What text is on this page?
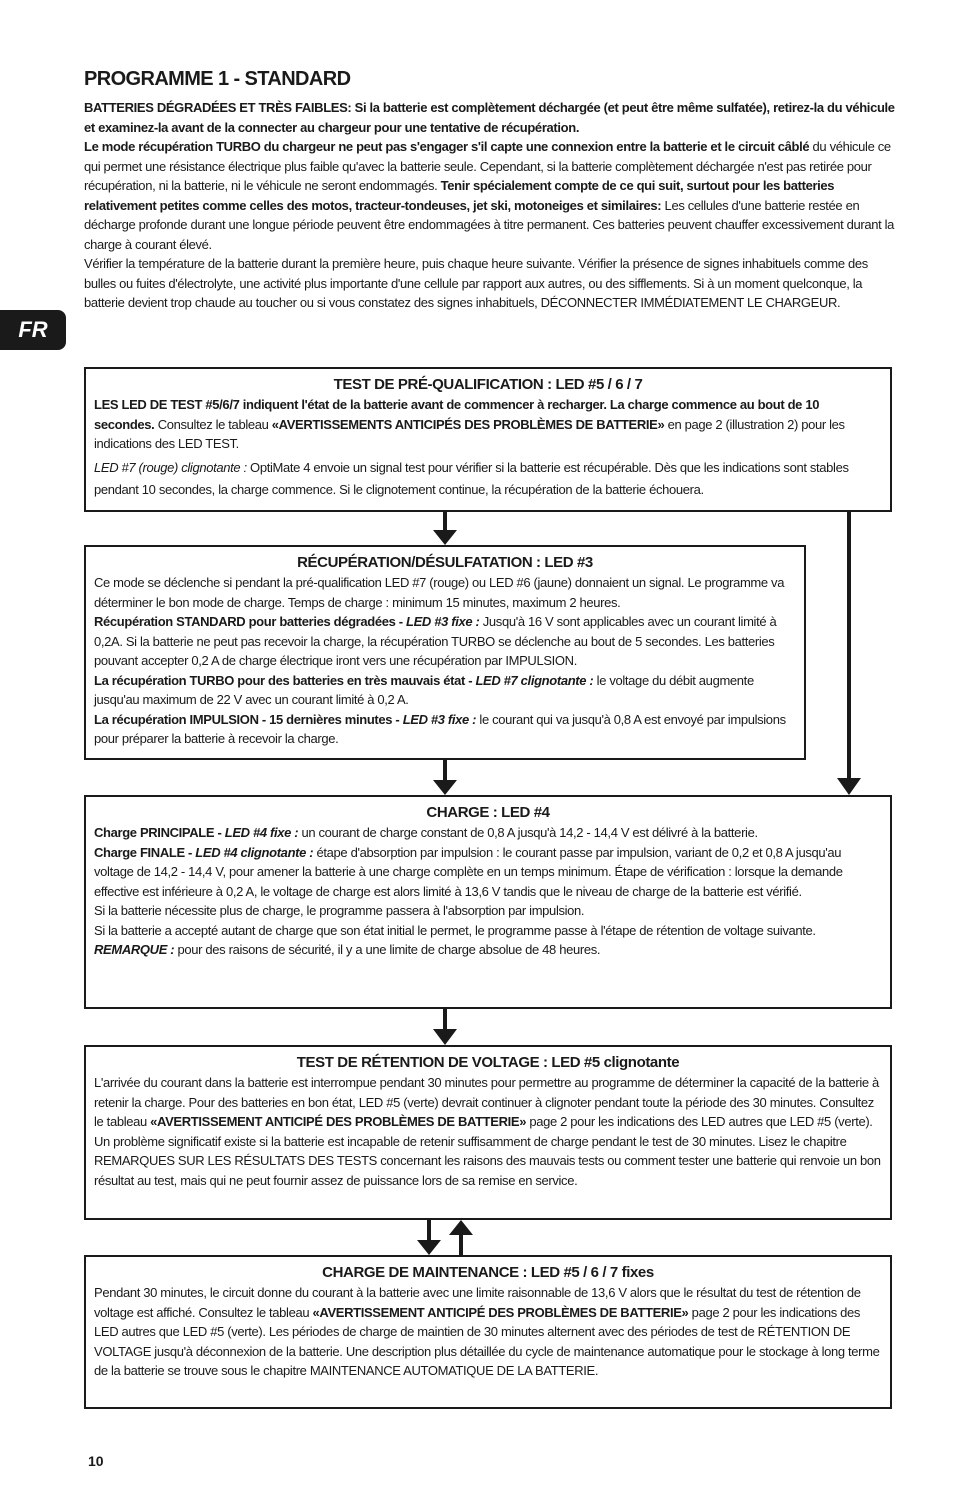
PROGRAMME 1 - STANDARD

BATTERIES DÉGRADÉES ET TRÈS FAIBLES: Si la batterie est complètement déchargée (et peut être même sulfatée), retirez-la du véhicule et examinez-la avant de la connecter au chargeur pour une tentative de récupération.

Le mode récupération TURBO du chargeur ne peut pas s'engager s'il capte une connexion entre la batterie et le circuit câblé du véhicule ce qui permet une résistance électrique plus faible qu'avec la batterie seule. Cependant, si la batterie complètement déchargée n'est pas retirée pour récupération, ni la batterie, ni le véhicule ne seront endommagés. Tenir spécialement compte de ce qui suit, surtout pour les batteries relativement petites comme celles des motos, tracteur-tondeuses, jet ski, motoneiges et similaires: Les cellules d'une batterie restée en décharge profonde durant une longue période peuvent être endommagées à titre permanent. Ces batteries peuvent chauffer excessivement durant la charge à courant élevé.

Vérifier la température de la batterie durant la première heure, puis chaque heure suivante. Vérifier la présence de signes inhabituels comme des bulles ou fuites d'électrolyte, une activité plus importante d'une cellule par rapport aux autres, ou des sifflements. Si à un moment quelconque, la batterie devient trop chaude au toucher ou si vous constatez des signes inhabituels, DÉCONNECTER IMMÉDIATEMENT LE CHARGEUR.

FR
TEST DE PRÉ-QUALIFICATION : LED #5 / 6 / 7

LES LED DE TEST #5/6/7 indiquent l'état de la batterie avant de commencer à recharger. La charge commence au bout de 10 secondes. Consultez le tableau «AVERTISSEMENTS ANTICIPÉS DES PROBLÈMES DE BATTERIE» en page 2 (illustration 2) pour les indications des LED TEST.

LED #7 (rouge) clignotante : OptiMate 4 envoie un signal test pour vérifier si la batterie est récupérable. Dès que les indications sont stables pendant 10 secondes, la charge commence. Si le clignotement continue, la récupération de la batterie échouera.

RÉCUPÉRATION/DÉSULFATATION : LED #3

Ce mode se déclenche si pendant la pré-qualification LED #7 (rouge) ou LED #6 (jaune) donnaient un signal. Le programme va déterminer le bon mode de charge. Temps de charge : minimum 15 minutes, maximum 2 heures.

Récupération STANDARD pour batteries dégradées - LED #3 fixe : Jusqu'à 16 V sont applicables avec un courant limité à 0,2A. Si la batterie ne peut pas recevoir la charge, la récupération TURBO se déclenche au bout de 5 secondes. Les batteries pouvant accepter 0,2 A de charge électrique iront vers une récupération par IMPULSION.

La récupération TURBO pour des batteries en très mauvais état - LED #7 clignotante : le voltage du débit augmente jusqu'au maximum de 22 V avec un courant limité à 0,2 A.

La récupération IMPULSION - 15 dernières minutes - LED #3 fixe : le courant qui va jusqu'à 0,8 A est envoyé par impulsions pour préparer la batterie à recevoir la charge.

CHARGE : LED #4

Charge PRINCIPALE - LED #4 fixe : un courant de charge constant de 0,8 A jusqu'à 14,2 - 14,4 V est délivré à la batterie.

Charge FINALE - LED #4 clignotante : étape d'absorption par impulsion : le courant passe par impulsion, variant de 0,2 et 0,8 A jusqu'au voltage de 14,2 - 14,4 V, pour amener la batterie à une charge complète en un temps minimum. Étape de vérification : lorsque la demande effective est inférieure à 0,2 A, le voltage de charge est alors limité à 13,6 V tandis que le niveau de charge de la batterie est vérifié.

Si la batterie nécessite plus de charge, le programme passera à l'absorption par impulsion.

Si la batterie a accepté autant de charge que son état initial le permet, le programme passe à l'étape de rétention de voltage suivante.

REMARQUE : pour des raisons de sécurité, il y a une limite de charge absolue de 48 heures.

TEST DE RÉTENTION DE VOLTAGE : LED #5 clignotante

L'arrivée du courant dans la batterie est interrompue pendant 30 minutes pour permettre au programme de déterminer la capacité de la batterie à retenir la charge. Pour des batteries en bon état, LED #5 (verte) devrait continuer à clignoter pendant toute la période des 30 minutes. Consultez le tableau «AVERTISSEMENT ANTICIPÉ DES PROBLÈMES DE BATTERIE» page 2 pour les indications des LED autres que LED #5 (verte). Un problème significatif existe si la batterie est incapable de retenir suffisamment de charge pendant le test de 30 minutes. Lisez le chapitre REMARQUES SUR LES RÉSULTATS DES TESTS concernant les raisons des mauvais tests ou comment tester une batterie qui renvoie un bon résultat au test, mais qui ne peut fournir assez de puissance lors de sa remise en service.

CHARGE DE MAINTENANCE : LED #5 / 6 / 7 fixes

Pendant 30 minutes, le circuit donne du courant à la batterie avec une limite raisonnable de 13,6 V alors que le résultat du test de rétention de voltage est affiché. Consultez le tableau «AVERTISSEMENT ANTICIPÉ DES PROBLÈMES DE BATTERIE» page 2 pour les indications des LED autres que LED #5 (verte). Les périodes de charge de maintien de 30 minutes alternent avec des périodes de test de RÉTENTION DE VOLTAGE jusqu'à déconnexion de la batterie. Une description plus détaillée du cycle de maintenance automatique pour le stockage à long terme de la batterie se trouve sous le chapitre MAINTENANCE AUTOMATIQUE DE LA BATTERIE.

10
